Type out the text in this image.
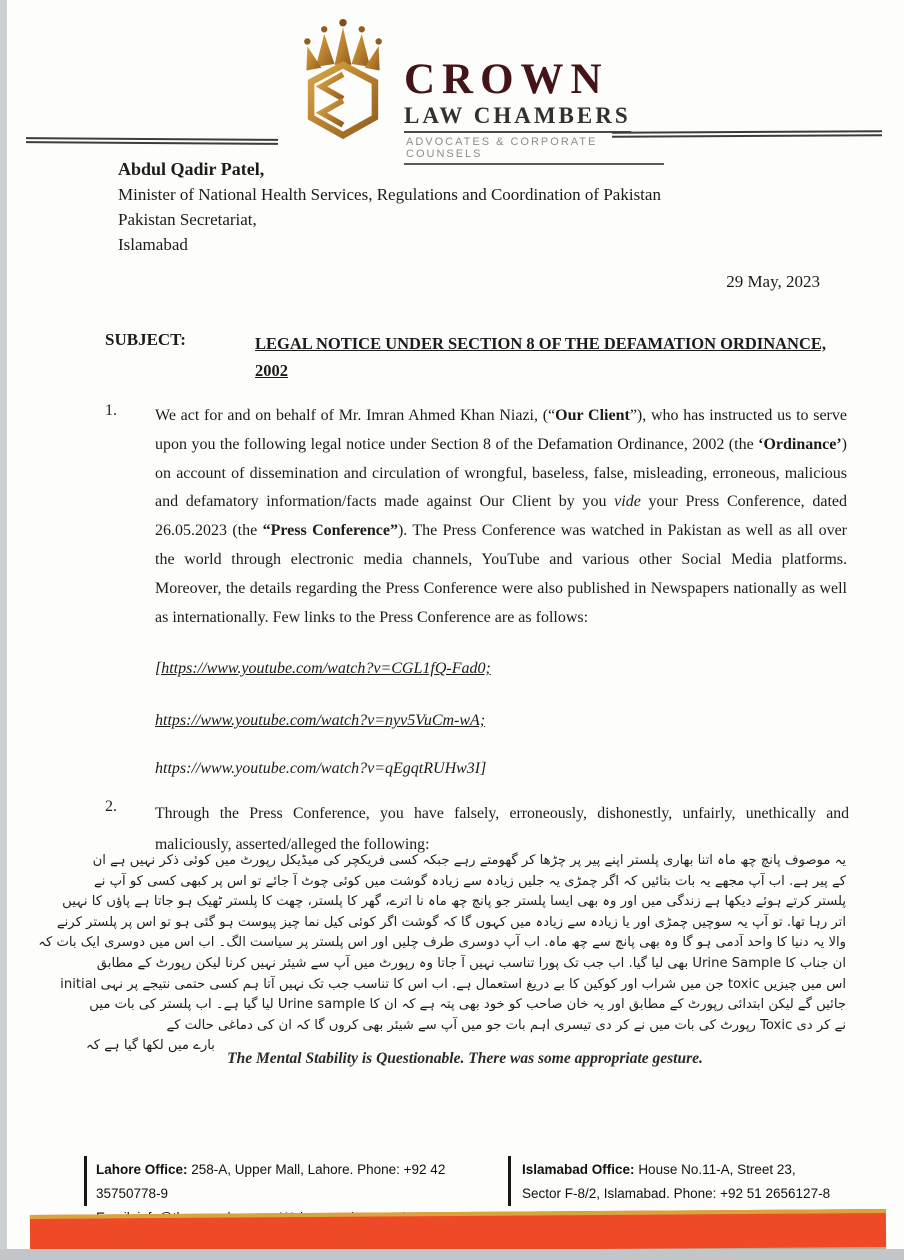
CROWN
LAW CHAMBERS
ADVOCATES & CORPORATE COUNSELS
Abdul Qadir Patel,
Minister of National Health Services, Regulations and Coordination of Pakistan
Pakistan Secretariat,
Islamabad
29 May, 2023
SUBJECT:	LEGAL NOTICE UNDER SECTION 8 OF THE DEFAMATION ORDINANCE,
2002
1. We act for and on behalf of Mr. Imran Ahmed Khan Niazi, (“Our Client”), who has instructed us to serve upon you the following legal notice under Section 8 of the Defamation Ordinance, 2002 (the ‘Ordinance’) on account of dissemination and circulation of wrongful, baseless, false, misleading, erroneous, malicious and defamatory information/facts made against Our Client by you vide your Press Conference, dated 26.05.2023 (the “Press Conference”). The Press Conference was watched in Pakistan as well as all over the world through electronic media channels, YouTube and various other Social Media platforms. Moreover, the details regarding the Press Conference were also published in Newspapers nationally as well as internationally. Few links to the Press Conference are as follows:
[https://www.youtube.com/watch?v=CGL1fQ-Fad0;
https://www.youtube.com/watch?v=nyv5VuCm-wA;
https://www.youtube.com/watch?v=qEgqtRUHw3I]
2. Through the Press Conference, you have falsely, erroneously, dishonestly, unfairly, unethically and maliciously, asserted/alleged the following:
یہ موصوف پانچ چھ ماہ اتنا بھاری پلستر اپنے پیر پر چڑھا کر گھومتے رہے جبکہ کسی فریکچر کی میڈیکل رپورٹ میں کوئی ذکر نہیں ہے ان
کے پیر ہے. اب آپ مجھے یہ بات بتائیں کہ اگر چمڑی یہ جلیں زیادہ سے زیادہ گوشت میں کوئی چوٹ آ جائے تو اس پر کبھی کسی کو آپ نے
پلستر کرتے ہوئے دیکھا ہے زندگی میں اور وہ بھی ایسا پلستر جو پانچ چھ ماہ نا اترے، گھر کا پلستر، چھت کا پلستر ٹھیک ہو جاتا ہے پاؤں کا نہیں
اتر رہا تھا. تو آپ یہ سوچیں چمڑی اور یا زیادہ سے زیادہ میں کہوں گا کہ گوشت اگر کوئی کیل نما چیز پیوست ہو گئی ہو تو اس پر پلستر کرنے
والا یہ دنیا کا واحد آدمی ہو گا وہ بھی پانچ سے چھ ماہ. اب آپ دوسری طرف چلیں اور اس پلستر پر سیاست الگ۔ اب اس میں دوسری ایک بات کہ
ان جناب کا Urine Sample بھی لیا گیا. اب جب تک پورا تناسب نہیں آ جاتا وہ رپورٹ میں آپ سے شیئر نہیں کرنا لیکن رپورٹ کے مطابق
اس میں چیزیں toxic جن میں شراب اور کوکین کا بے دریغ استعمال ہے. اب اس کا تناسب جب تک نہیں آتا ہم کسی حتمی نتیجے پر نہی initial
جائیں گے لیکن ابتدائی رپورٹ کے مطابق اور یہ خان صاحب کو خود بھی پتہ ہے کہ ان کا Urine sample لیا گیا ہے۔ اب پلستر کی بات میں
نے کر دی Toxic رپورٹ کی بات میں نے کر دی تیسری اہم بات جو میں آپ سے شیئر بھی کروں گا کہ ان کی دماغی حالت کے
بارے میں لکھا گیا ہے کہ
The Mental Stability is Questionable. There was some appropriate gesture.
Lahore Office: 258-A, Upper Mall, Lahore. Phone: +92 42 35750778-9
Islamabad Office: House No.11-A, Street 23,
Sector F-8/2, Islamabad. Phone: +92 51 2656127-8
